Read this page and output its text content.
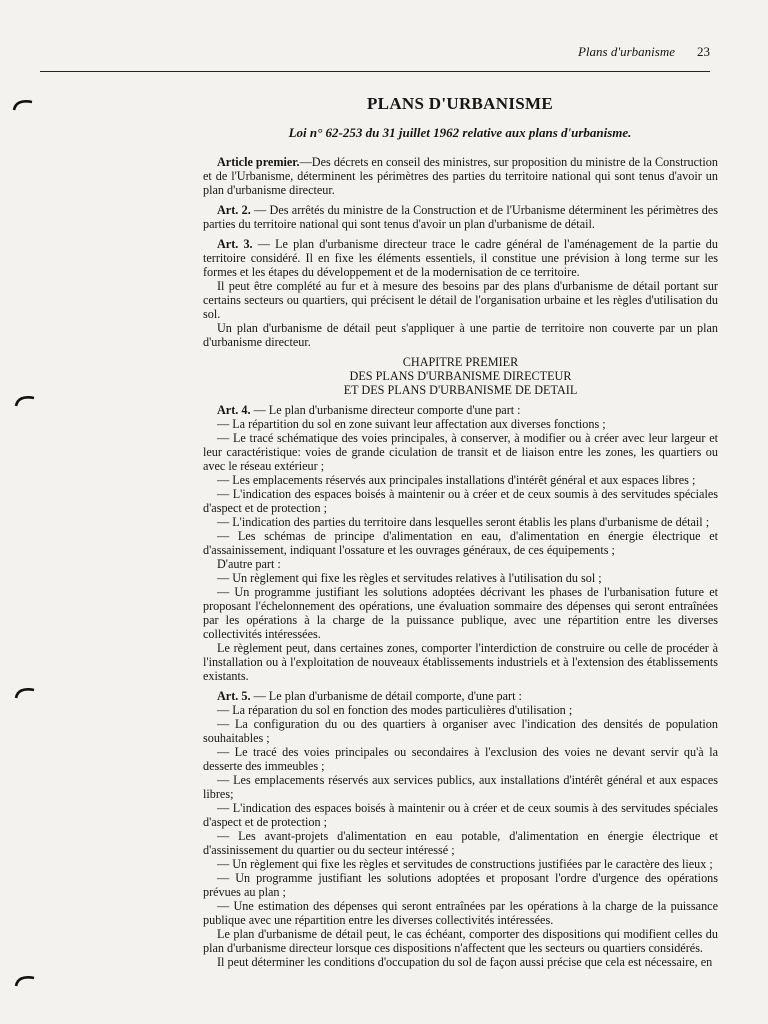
Plans d'urbanisme 23
PLANS D'URBANISME
Loi n° 62-253 du 31 juillet 1962 relative aux plans d'urbanisme.

Article premier.—Des décrets en conseil des ministres, sur proposition du ministre de la Construction et de l'Urbanisme, déterminent les périmètres des parties du territoire national qui sont tenus d'avoir un plan d'urbanisme directeur.

Art. 2. — Des arrêtés du ministre de la Construction et de l'Urbanisme déterminent les périmètres des parties du territoire national qui sont tenus d'avoir un plan d'urbanisme de détail.

Art. 3. — Le plan d'urbanisme directeur trace le cadre général de l'aménagement de la partie du territoire considéré. Il en fixe les éléments essentiels, il constitue une prévision à long terme sur les formes et les étapes du développement et de la modernisation de ce territoire.

Il peut être complété au fur et à mesure des besoins par des plans d'urbanisme de détail portant sur certains secteurs ou quartiers, qui précisent le détail de l'organisation urbaine et les règles d'utilisation du sol.

Un plan d'urbanisme de détail peut s'appliquer à une partie de territoire non couverte par un plan d'urbanisme directeur.

CHAPITRE PREMIER

DES PLANS D'URBANISME DIRECTEUR

ET DES PLANS D'URBANISME DE DETAIL

Art. 4. — Le plan d'urbanisme directeur comporte d'une part :

— La répartition du sol en zone suivant leur affectation aux diverses fonctions ;

— Le tracé schématique des voies principales, à conserver, à modifier ou à créer avec leur largeur et leur caractéristique: voies de grande ciculation de transit et de liaison entre les zones, les quartiers ou avec le réseau extérieur ;

— Les emplacements réservés aux principales installations d'intérêt général et aux espaces libres ;

— L'indication des espaces boisés à maintenir ou à créer et de ceux soumis à des servitudes spéciales d'aspect et de protection ;

— L'indication des parties du territoire dans lesquelles seront établis les plans d'urbanisme de détail ;

— Les schémas de principe d'alimentation en eau, d'alimentation en énergie électrique et d'assainissement, indiquant l'ossature et les ouvrages généraux, de ces équipements ;

D'autre part :

— Un règlement qui fixe les règles et servitudes relatives à l'utilisation du sol ;

— Un programme justifiant les solutions adoptées décrivant les phases de l'urbanisation future et proposant l'échelonnement des opérations, une évaluation sommaire des dépenses qui seront entraînées par les opérations à la charge de la puissance publique, avec une répartition entre les diverses collectivités intéressées.

Le règlement peut, dans certaines zones, comporter l'interdiction de construire ou celle de procéder à l'installation ou à l'exploitation de nouveaux établissements industriels et à l'extension des établissements existants.

Art. 5. — Le plan d'urbanisme de détail comporte, d'une part :

— La réparation du sol en fonction des modes particulières d'utilisation ;

— La configuration du ou des quartiers à organiser avec l'indication des densités de population souhaitables ;

— Le tracé des voies principales ou secondaires à l'exclusion des voies ne devant servir qu'à la desserte des immeubles ;

— Les emplacements réservés aux services publics, aux installations d'intérêt général et aux espaces libres;

— L'indication des espaces boisés à maintenir ou à créer et de ceux soumis à des servitudes spéciales d'aspect et de protection ;

— Les avant-projets d'alimentation en eau potable, d'alimentation en énergie électrique et d'assinissement du quartier ou du secteur intéressé ;

— Un règlement qui fixe les règles et servitudes de constructions justifiées par le caractère des lieux ;

— Un programme justifiant les solutions adoptées et proposant l'ordre d'urgence des opérations prévues au plan ;

— Une estimation des dépenses qui seront entraînées par les opérations à la charge de la puissance publique avec une répartition entre les diverses collectivités intéressées.

Le plan d'urbanisme de détail peut, le cas échéant, comporter des dispositions qui modifient celles du plan d'urbanisme directeur lorsque ces dispositions n'affectent que les secteurs ou quartiers considérés.

Il peut déterminer les conditions d'occupation du sol de façon aussi précise que cela est nécessaire, en
